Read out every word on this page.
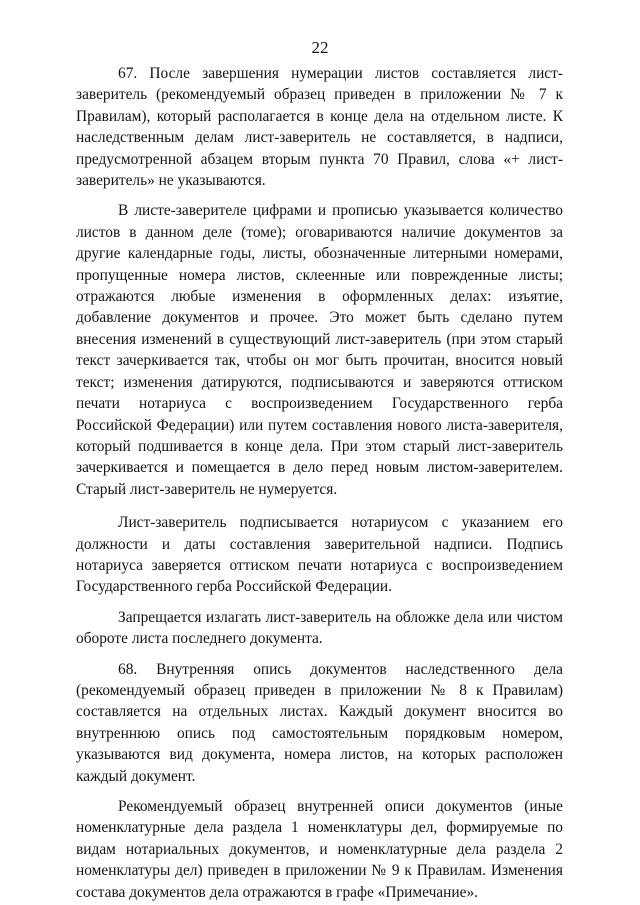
22

67. После завершения нумерации листов составляется лист-заверитель (рекомендуемый образец приведен в приложении № 7 к Правилам), который располагается в конце дела на отдельном листе. К наследственным делам лист-заверитель не составляется, в надписи, предусмотренной абзацем вторым пункта 70 Правил, слова «+ лист-заверитель» не указываются.

В листе-заверителе цифрами и прописью указывается количество листов в данном деле (томе); оговариваются наличие документов за другие календарные годы, листы, обозначенные литерными номерами, пропущенные номера листов, склеенные или поврежденные листы; отражаются любые изменения в оформленных делах: изъятие, добавление документов и прочее. Это может быть сделано путем внесения изменений в существующий лист-заверитель (при этом старый текст зачеркивается так, чтобы он мог быть прочитан, вносится новый текст; изменения датируются, подписываются и заверяются оттиском печати нотариуса с воспроизведением Государственного герба Российской Федерации) или путем составления нового листа-заверителя, который подшивается в конце дела. При этом старый лист-заверитель зачеркивается и помещается в дело перед новым листом-заверителем. Старый лист-заверитель не нумеруется.

Лист-заверитель подписывается нотариусом с указанием его должности и даты составления заверительной надписи. Подпись нотариуса заверяется оттиском печати нотариуса с воспроизведением Государственного герба Российской Федерации.

Запрещается излагать лист-заверитель на обложке дела или чистом обороте листа последнего документа.

68. Внутренняя опись документов наследственного дела (рекомендуемый образец приведен в приложении № 8 к Правилам) составляется на отдельных листах. Каждый документ вносится во внутреннюю опись под самостоятельным порядковым номером, указываются вид документа, номера листов, на которых расположен каждый документ.

Рекомендуемый образец внутренней описи документов (иные номенклатурные дела раздела 1 номенклатуры дел, формируемые по видам нотариальных документов, и номенклатурные дела раздела 2 номенклатуры дел) приведен в приложении № 9 к Правилам. Изменения состава документов дела отражаются в графе «Примечание».
